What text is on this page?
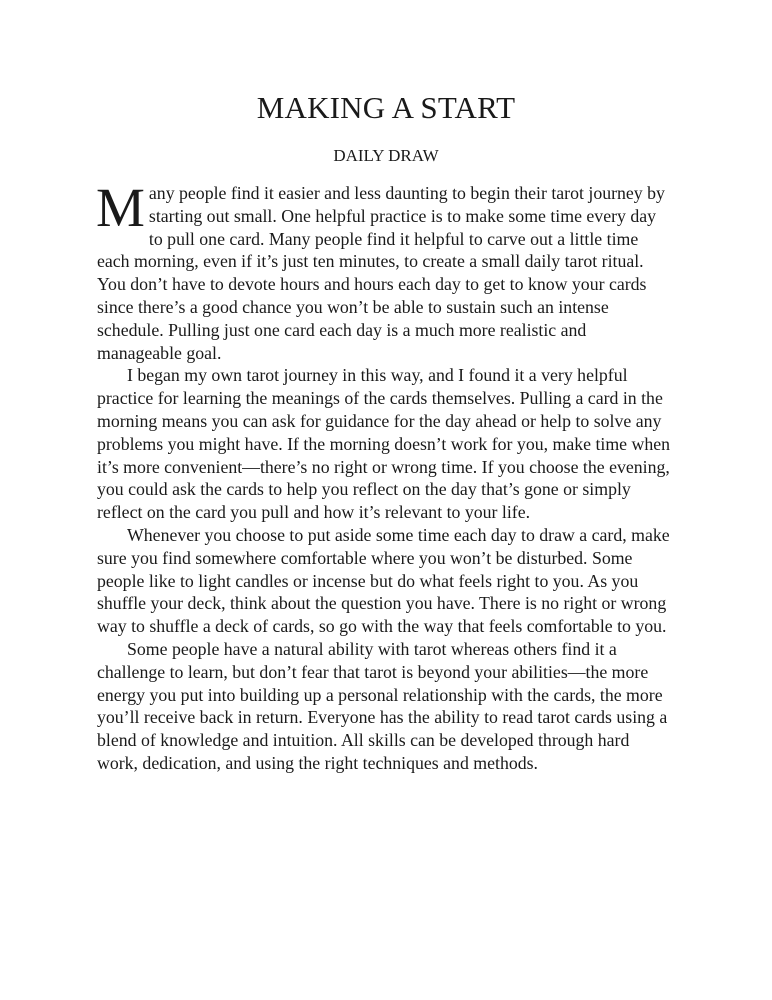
MAKING A START
DAILY DRAW

Many people find it easier and less daunting to begin their tarot journey by starting out small. One helpful practice is to make some time every day to pull one card. Many people find it helpful to carve out a little time each morning, even if it’s just ten minutes, to create a small daily tarot ritual. You don’t have to devote hours and hours each day to get to know your cards since there’s a good chance you won’t be able to sustain such an intense schedule. Pulling just one card each day is a much more realistic and manageable goal.

I began my own tarot journey in this way, and I found it a very helpful practice for learning the meanings of the cards themselves. Pulling a card in the morning means you can ask for guidance for the day ahead or help to solve any problems you might have. If the morning doesn’t work for you, make time when it’s more convenient—there’s no right or wrong time. If you choose the evening, you could ask the cards to help you reflect on the day that’s gone or simply reflect on the card you pull and how it’s relevant to your life.

Whenever you choose to put aside some time each day to draw a card, make sure you find somewhere comfortable where you won’t be disturbed. Some people like to light candles or incense but do what feels right to you. As you shuffle your deck, think about the question you have. There is no right or wrong way to shuffle a deck of cards, so go with the way that feels comfortable to you.

Some people have a natural ability with tarot whereas others find it a challenge to learn, but don’t fear that tarot is beyond your abilities—the more energy you put into building up a personal relationship with the cards, the more you’ll receive back in return. Everyone has the ability to read tarot cards using a blend of knowledge and intuition. All skills can be developed through hard work, dedication, and using the right techniques and methods.
